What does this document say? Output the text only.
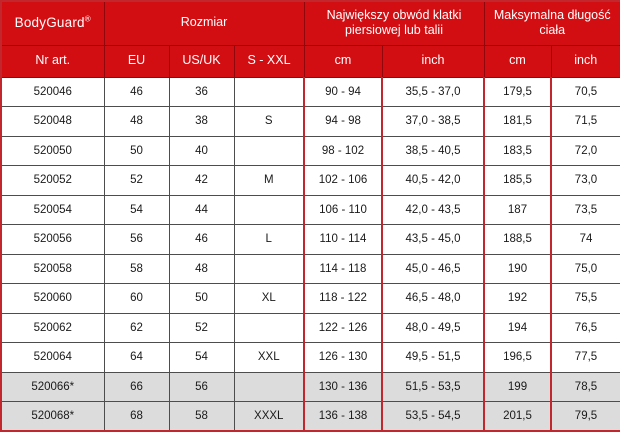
BodyGuard®	Rozmiar			Największy obwód klatki piersiowej lub talii		Maksymalna długość ciała	
Nr art.	EU	US/UK	S - XXL	cm	inch	cm	inch
520046	46	36		90 - 94	35,5 - 37,0	179,5	70,5
520048	48	38	S	94 - 98	37,0 - 38,5	181,5	71,5
520050	50	40		98 - 102	38,5 - 40,5	183,5	72,0
520052	52	42	M	102 - 106	40,5 - 42,0	185,5	73,0
520054	54	44		106 - 110	42,0 - 43,5	187	73,5
520056	56	46	L	110 - 114	43,5 - 45,0	188,5	74
520058	58	48		114 - 118	45,0 - 46,5	190	75,0
520060	60	50	XL	118 - 122	46,5 - 48,0	192	75,5
520062	62	52		122 - 126	48,0 - 49,5	194	76,5
520064	64	54	XXL	126 - 130	49,5 - 51,5	196,5	77,5
520066*	66	56		130 - 136	51,5 - 53,5	199	78,5
520068*	68	58	XXXL	136 - 138	53,5 - 54,5	201,5	79,5
